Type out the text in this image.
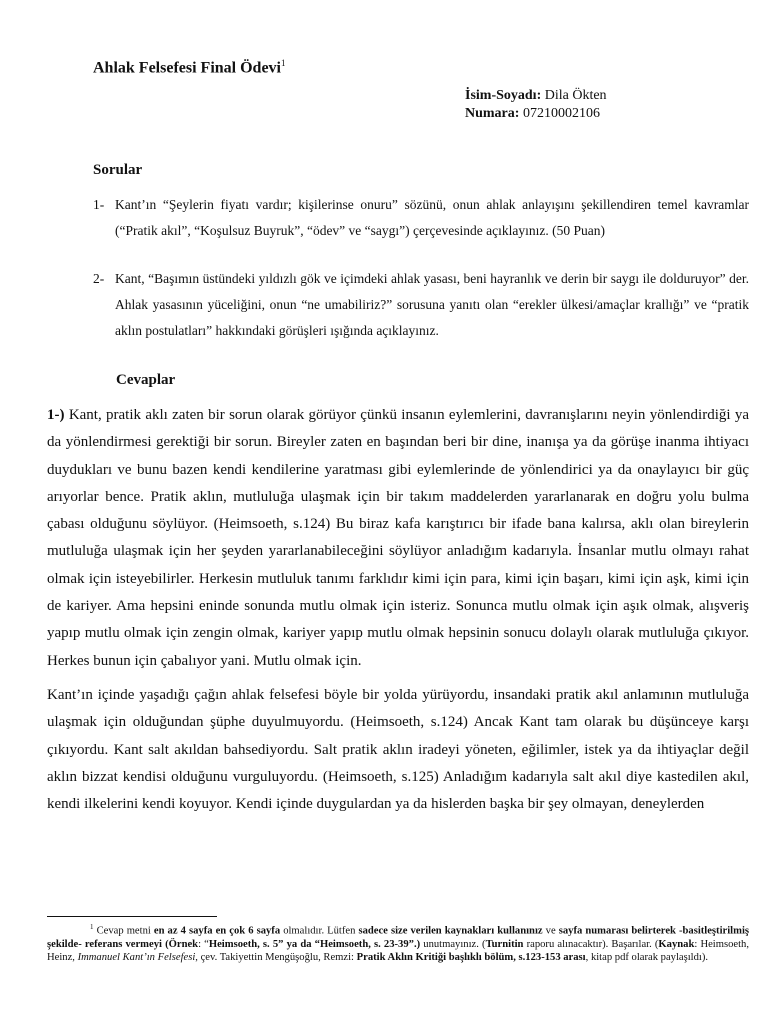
Ahlak Felsefesi Final Ödevi$^1$
İsim-Soyadı: Dila Ökten
Numara: 07210002106
Sorular
1- Kant’ın “Şeylerin fiyatı vardır; kişilerinse onuru” sözünü, onun ahlak anlayışını şekillendiren temel kavramlar (“Pratik akıl”, “Koşulsuz Buyruk”, “ödev” ve “saygı”) çerçevesinde açıklayınız. (50 Puan)
2- Kant, “Başımın üstündeki yıldızlı gök ve içimdeki ahlak yasası, beni hayranlık ve derin bir saygı ile dolduruyor” der. Ahlak yasasının yüceliğini, onun “ne umabiliriz?” sorusuna yanıtı olan “erekler ülkesi/amaçlar krallığı” ve “pratik aklın postulatları” hakkındaki görüşleri ışığında açıklayınız.
Cevaplar

1-) Kant, pratik aklı zaten bir sorun olarak görüyor çünkü insanın eylemlerini, davranışlarını neyin yönlendirdiği ya da yönlendirmesi gerektiği bir sorun. Bireyler zaten en başından beri bir dine, inanışa ya da görüşe inanma ihtiyacı duydukları ve bunu bazen kendi kendilerine yaratması gibi eylemlerinde de yönlendirici ya da onaylayıcı bir güç arıyorlar bence. Pratik aklın, mutluluğa ulaşmak için bir takım maddelerden yararlanarak en doğru yolu bulma çabası olduğunu söylüyor. (Heimsoeth, s.124) Bu biraz kafa karıştırıcı bir ifade bana kalırsa, aklı olan bireylerin mutluluğa ulaşmak için her şeyden yararlanabileceğini söylüyor anladığım kadarıyla. İnsanlar mutlu olmayı rahat olmak için isteyebilirler. Herkesin mutluluk tanımı farklıdır kimi için para, kimi için başarı, kimi için aşk, kimi için de kariyer. Ama hepsini eninde sonunda mutlu olmak için isteriz. Sonunca mutlu olmak için aşık olmak, alışveriş yapıp mutlu olmak için zengin olmak, kariyer yapıp mutlu olmak hepsinin sonucu dolaylı olarak mutluluğa çıkıyor. Herkes bunun için çabalıyor yani. Mutlu olmak için.

Kant’ın içinde yaşadığı çağın ahlak felsefesi böyle bir yolda yürüyordu, insandaki pratik akıl anlamının mutluluğa ulaşmak için olduğundan şüphe duyulmuyordu. (Heimsoeth, s.124) Ancak Kant tam olarak bu düşünceye karşı çıkıyordu. Kant salt akıldan bahsediyordu. Salt pratik aklın iradeyi yöneten, eğilimler, istek ya da ihtiyaçlar değil aklın bizzat kendisi olduğunu vurguluyordu. (Heimsoeth, s.125) Anladığım kadarıyla salt akıl diye kastedilen akıl, kendi ilkelerini kendi koyuyor. Kendi içinde duygulardan ya da hislerden başka bir şey olmayan, deneylerden

$^1$ Cevap metni en az 4 sayfa en çok 6 sayfa olmalıdır. Lütfen sadece size verilen kaynakları kullanınız ve sayfa numarası belirterek -basitleştirilmiş şekilde- referans vermeyi (Örnek: “Heimsoeth, s. 5” ya da “Heimsoeth, s. 23-39”.) unutmayınız. (Turnitin raporu alınacaktır). Başarılar. (Kaynak: Heimsoeth, Heinz, Immanuel Kant’ın Felsefesi, çev. Takiyettin Mengüşoğlu, Remzi: Pratik Aklın Kritiği başlıklı bölüm, s.123-153 arası, kitap pdf olarak paylaşıldı).
